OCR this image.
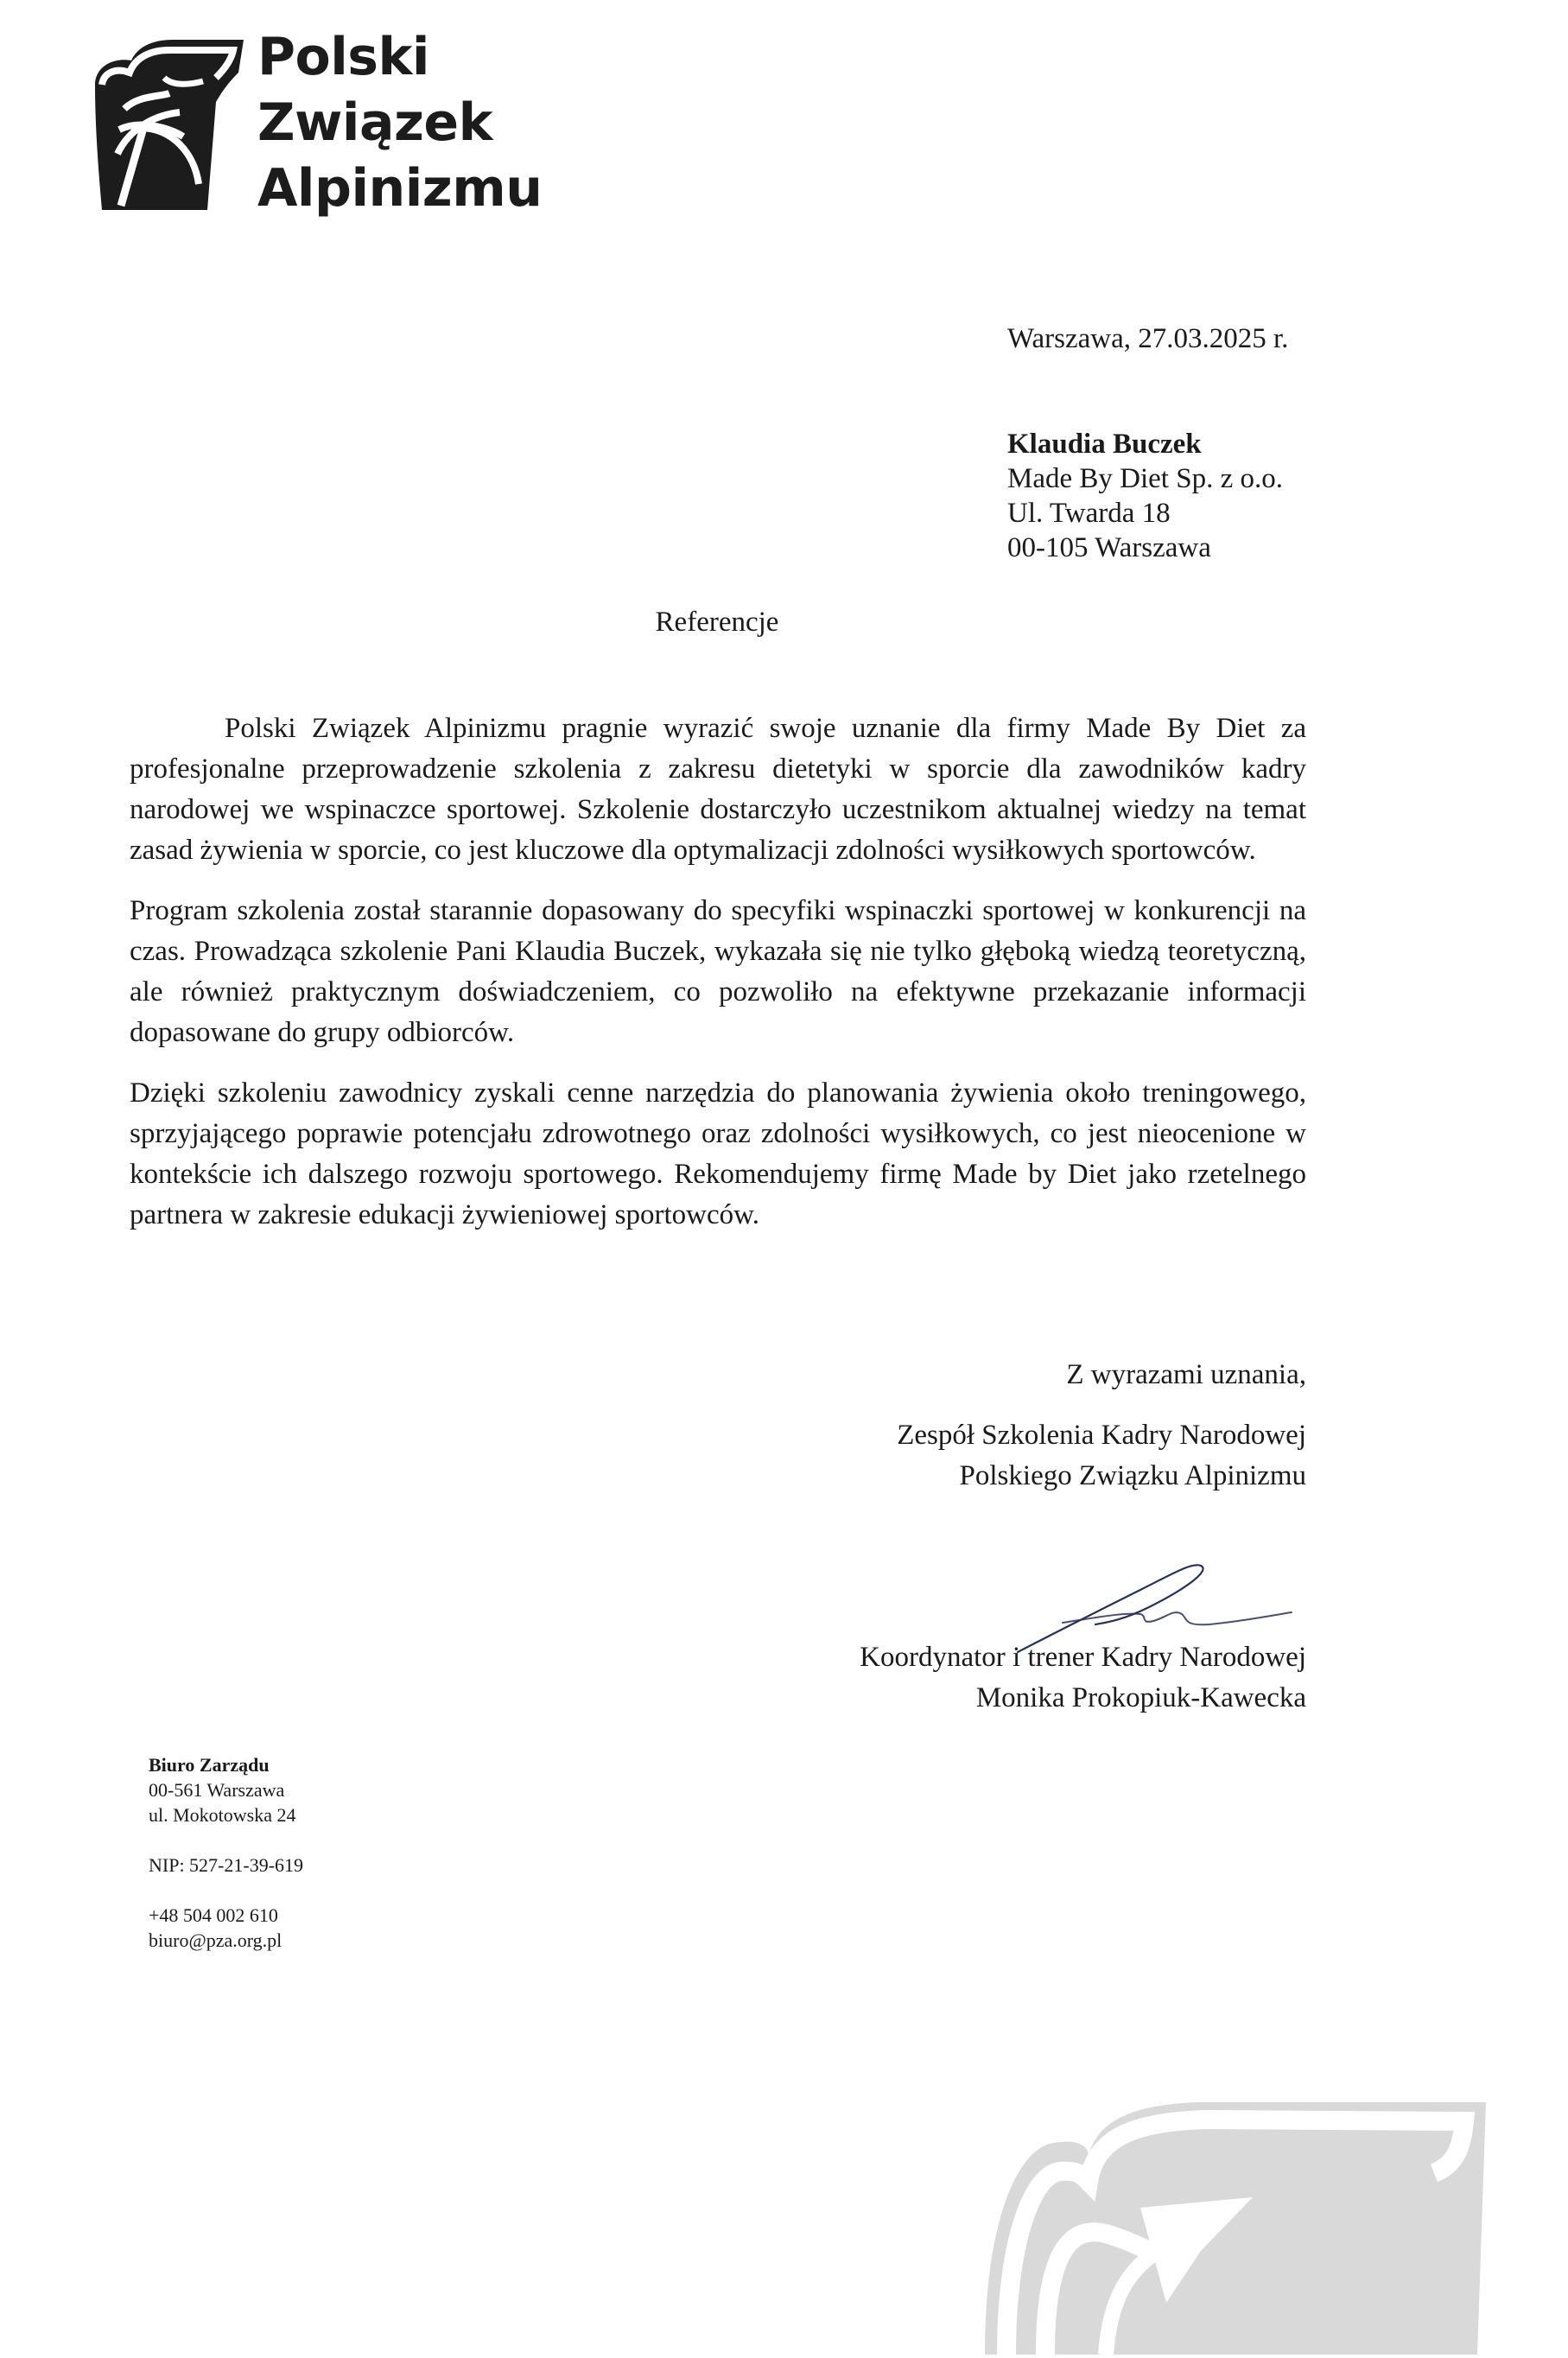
Polski
Związek
Alpinizmu
Warszawa, 27.03.2025 r.
Klaudia Buczek
Made By Diet Sp. z o.o.
Ul. Twarda 18
00-105 Warszawa
Referencje

Polski Związek Alpinizmu pragnie wyrazić swoje uznanie dla firmy Made By Diet za profesjonalne przeprowadzenie szkolenia z zakresu dietetyki w sporcie dla zawodników kadry narodowej we wspinaczce sportowej. Szkolenie dostarczyło uczestnikom aktualnej wiedzy na temat zasad żywienia w sporcie, co jest kluczowe dla optymalizacji zdolności wysiłkowych sportowców.

Program szkolenia został starannie dopasowany do specyfiki wspinaczki sportowej w konkurencji na czas. Prowadząca szkolenie Pani Klaudia Buczek, wykazała się nie tylko głęboką wiedzą teoretyczną, ale również praktycznym doświadczeniem, co pozwoliło na efektywne przekazanie informacji dopasowane do grupy odbiorców.

Dzięki szkoleniu zawodnicy zyskali cenne narzędzia do planowania żywienia około treningowego, sprzyjającego poprawie potencjału zdrowotnego oraz zdolności wysiłkowych, co jest nieocenione w kontekście ich dalszego rozwoju sportowego. Rekomendujemy firmę Made by Diet jako rzetelnego partnera w zakresie edukacji żywieniowej sportowców.

Z wyrazami uznania,
Zespół Szkolenia Kadry Narodowej
Polskiego Związku Alpinizmu
Koordynator i trener Kadry Narodowej
Monika Prokopiuk-Kawecka
Biuro Zarządu
00-561 Warszawa
ul. Mokotowska 24
NIP: 527-21-39-619
+48 504 002 610
biuro@pza.org.pl
